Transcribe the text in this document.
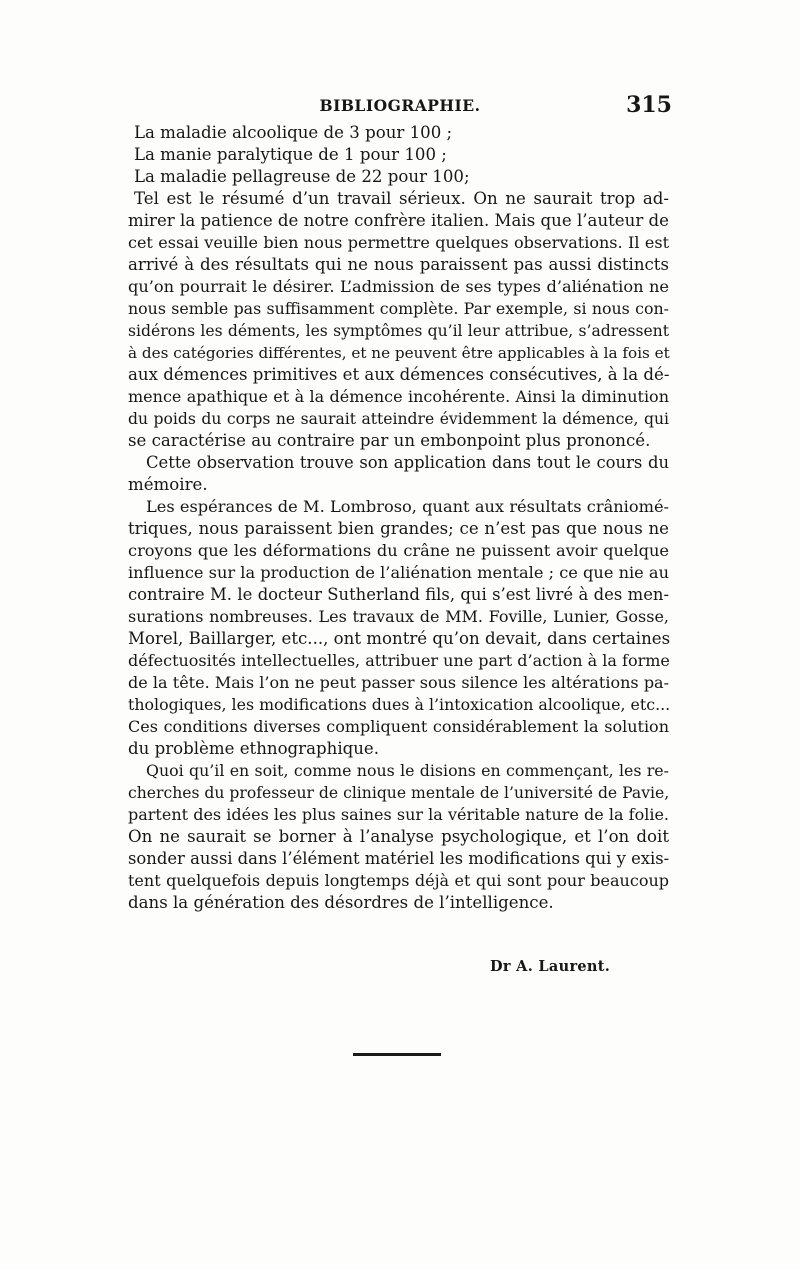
BIBLIOGRAPHIE.	315
La maladie alcoolique de 3 pour 100 ;
La manie paralytique de 1 pour 100 ;
La maladie pellagreuse de 22 pour 100;
Tel est le résumé d’un travail sérieux. On ne saurait trop ad-
mirer la patience de notre confrère italien. Mais que l’auteur de
cet essai veuille bien nous permettre quelques observations. Il est
arrivé à des résultats qui ne nous paraissent pas aussi distincts
qu’on pourrait le désirer. L’admission de ses types d’aliénation ne
nous semble pas suffisamment complète. Par exemple, si nous con-
sidérons les déments, les symptômes qu’il leur attribue, s’adressent
à des catégories différentes, et ne peuvent être applicables à la fois et
aux démences primitives et aux démences consécutives, à la dé-
mence apathique et à la démence incohérente. Ainsi la diminution
du poids du corps ne saurait atteindre évidemment la démence, qui
se caractérise au contraire par un embonpoint plus prononcé.
Cette observation trouve son application dans tout le cours du
mémoire.
Les espérances de M. Lombroso, quant aux résultats crâniomé-
triques, nous paraissent bien grandes; ce n’est pas que nous ne
croyons que les déformations du crâne ne puissent avoir quelque
influence sur la production de l’aliénation mentale ; ce que nie au
contraire M. le docteur Sutherland fils, qui s’est livré à des men-
surations nombreuses. Les travaux de MM. Foville, Lunier, Gosse,
Morel, Baillarger, etc..., ont montré qu’on devait, dans certaines
défectuosités intellectuelles, attribuer une part d’action à la forme
de la tête. Mais l’on ne peut passer sous silence les altérations pa-
thologiques, les modifications dues à l’intoxication alcoolique, etc...
Ces conditions diverses compliquent considérablement la solution
du problème ethnographique.
Quoi qu’il en soit, comme nous le disions en commençant, les re-
cherches du professeur de clinique mentale de l’université de Pavie,
partent des idées les plus saines sur la véritable nature de la folie.
On ne saurait se borner à l’analyse psychologique, et l’on doit
sonder aussi dans l’élément matériel les modifications qui y exis-
tent quelquefois depuis longtemps déjà et qui sont pour beaucoup
dans la génération des désordres de l’intelligence.
Dr A. Laurent.
